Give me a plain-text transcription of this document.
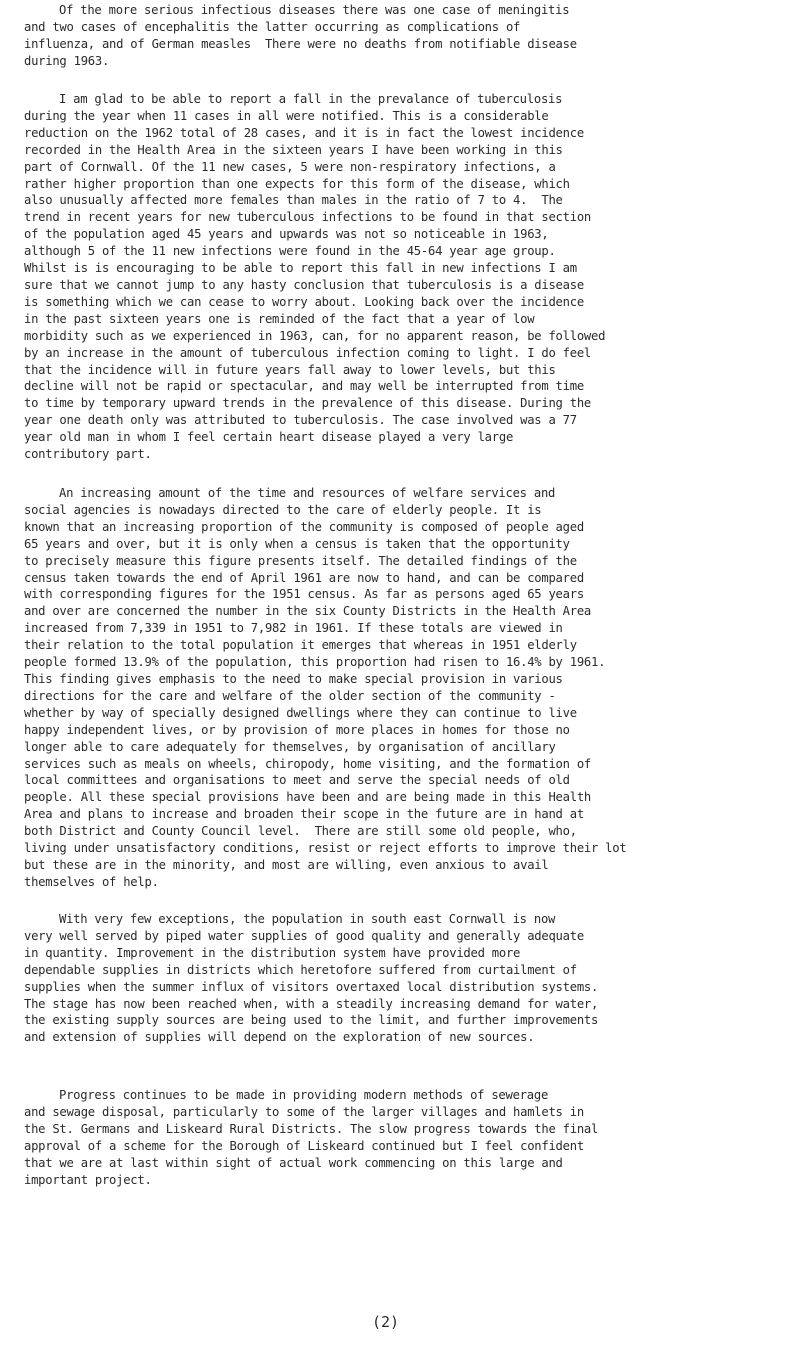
Of the more serious infectious diseases there was one case of meningitis
and two cases of encephalitis the latter occurring as complications of
influenza, and of German measles  There were no deaths from notifiable disease
during 1963.
I am glad to be able to report a fall in the prevalance of tuberculosis
during the year when 11 cases in all were notified. This is a considerable
reduction on the 1962 total of 28 cases, and it is in fact the lowest incidence
recorded in the Health Area in the sixteen years I have been working in this
part of Cornwall. Of the 11 new cases, 5 were non-respiratory infections, a
rather higher proportion than one expects for this form of the disease, which
also unusually affected more females than males in the ratio of 7 to 4.  The
trend in recent years for new tuberculous infections to be found in that section
of the population aged 45 years and upwards was not so noticeable in 1963,
although 5 of the 11 new infections were found in the 45-64 year age group.
Whilst is is encouraging to be able to report this fall in new infections I am
sure that we cannot jump to any hasty conclusion that tuberculosis is a disease
is something which we can cease to worry about. Looking back over the incidence
in the past sixteen years one is reminded of the fact that a year of low
morbidity such as we experienced in 1963, can, for no apparent reason, be followed
by an increase in the amount of tuberculous infection coming to light. I do feel
that the incidence will in future years fall away to lower levels, but this
decline will not be rapid or spectacular, and may well be interrupted from time
to time by temporary upward trends in the prevalence of this disease. During the
year one death only was attributed to tuberculosis. The case involved was a 77
year old man in whom I feel certain heart disease played a very large
contributory part.
An increasing amount of the time and resources of welfare services and
social agencies is nowadays directed to the care of elderly people. It is
known that an increasing proportion of the community is composed of people aged
65 years and over, but it is only when a census is taken that the opportunity
to precisely measure this figure presents itself. The detailed findings of the
census taken towards the end of April 1961 are now to hand, and can be compared
with corresponding figures for the 1951 census. As far as persons aged 65 years
and over are concerned the number in the six County Districts in the Health Area
increased from 7,339 in 1951 to 7,982 in 1961. If these totals are viewed in
their relation to the total population it emerges that whereas in 1951 elderly
people formed 13.9% of the population, this proportion had risen to 16.4% by 1961.
This finding gives emphasis to the need to make special provision in various
directions for the care and welfare of the older section of the community -
whether by way of specially designed dwellings where they can continue to live
happy independent lives, or by provision of more places in homes for those no
longer able to care adequately for themselves, by organisation of ancillary
services such as meals on wheels, chiropody, home visiting, and the formation of
local committees and organisations to meet and serve the special needs of old
people. All these special provisions have been and are being made in this Health
Area and plans to increase and broaden their scope in the future are in hand at
both District and County Council level.  There are still some old people, who,
living under unsatisfactory conditions, resist or reject efforts to improve their lot
but these are in the minority, and most are willing, even anxious to avail
themselves of help.
With very few exceptions, the population in south east Cornwall is now
very well served by piped water supplies of good quality and generally adequate
in quantity. Improvement in the distribution system have provided more
dependable supplies in districts which heretofore suffered from curtailment of
supplies when the summer influx of visitors overtaxed local distribution systems.
The stage has now been reached when, with a steadily increasing demand for water,
the existing supply sources are being used to the limit, and further improvements
and extension of supplies will depend on the exploration of new sources.
Progress continues to be made in providing modern methods of sewerage
and sewage disposal, particularly to some of the larger villages and hamlets in
the St. Germans and Liskeard Rural Districts. The slow progress towards the final
approval of a scheme for the Borough of Liskeard continued but I feel confident
that we are at last within sight of actual work commencing on this large and
important project.
(2)
